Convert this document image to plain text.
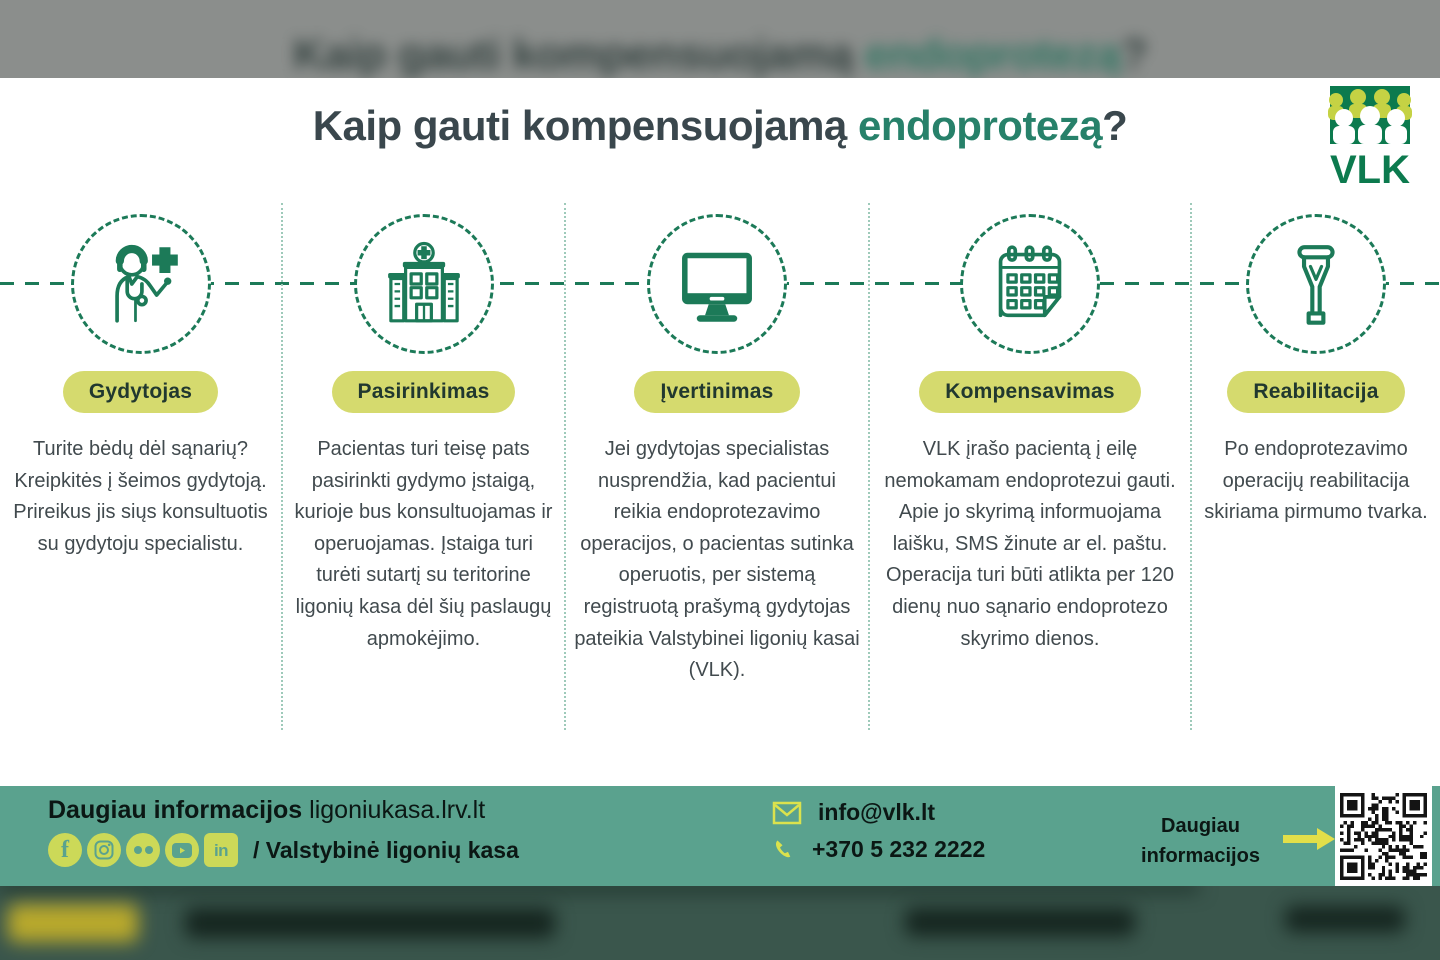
Kaip gauti kompensuojamą endoprotezą?
Kaip gauti kompensuojamą endoprotezą?
VLK
Gydytojas
Turite bėdų dėl sąnarių? Kreipkitės į šeimos gydytoją. Prireikus jis siųs konsultuotis su gydytoju specialistu.
Pasirinkimas
Pacientas turi teisę pats pasirinkti gydymo įstaigą, kurioje bus konsultuojamas ir operuojamas. Įstaiga turi turėti sutartį su teritorine ligonių kasa dėl šių paslaugų apmokėjimo.
Įvertinimas
Jei gydytojas specialistas nusprendžia, kad pacientui reikia endoprotezavimo operacijos, o pacientas sutinka operuotis, per sistemą registruotą prašymą gydytojas pateikia Valstybinei ligonių kasai (VLK).
Kompensavimas
VLK įrašo pacientą į eilę nemokamam endoprotezui gauti. Apie jo skyrimą informuojama laišku, SMS žinute ar el. paštu. Operacija turi būti atlikta per 120 dienų nuo sąnario endoprotezo skyrimo dienos.
Reabilitacija
Po endoprotezavimo operacijų reabilitacija skiriama pirmumo tvarka.
Daugiau informacijos ligoniukasa.lrv.lt
f	in / Valstybinė ligonių kasa
info@vlk.lt
+370 5 232 2222
Daugiau
informacijos
